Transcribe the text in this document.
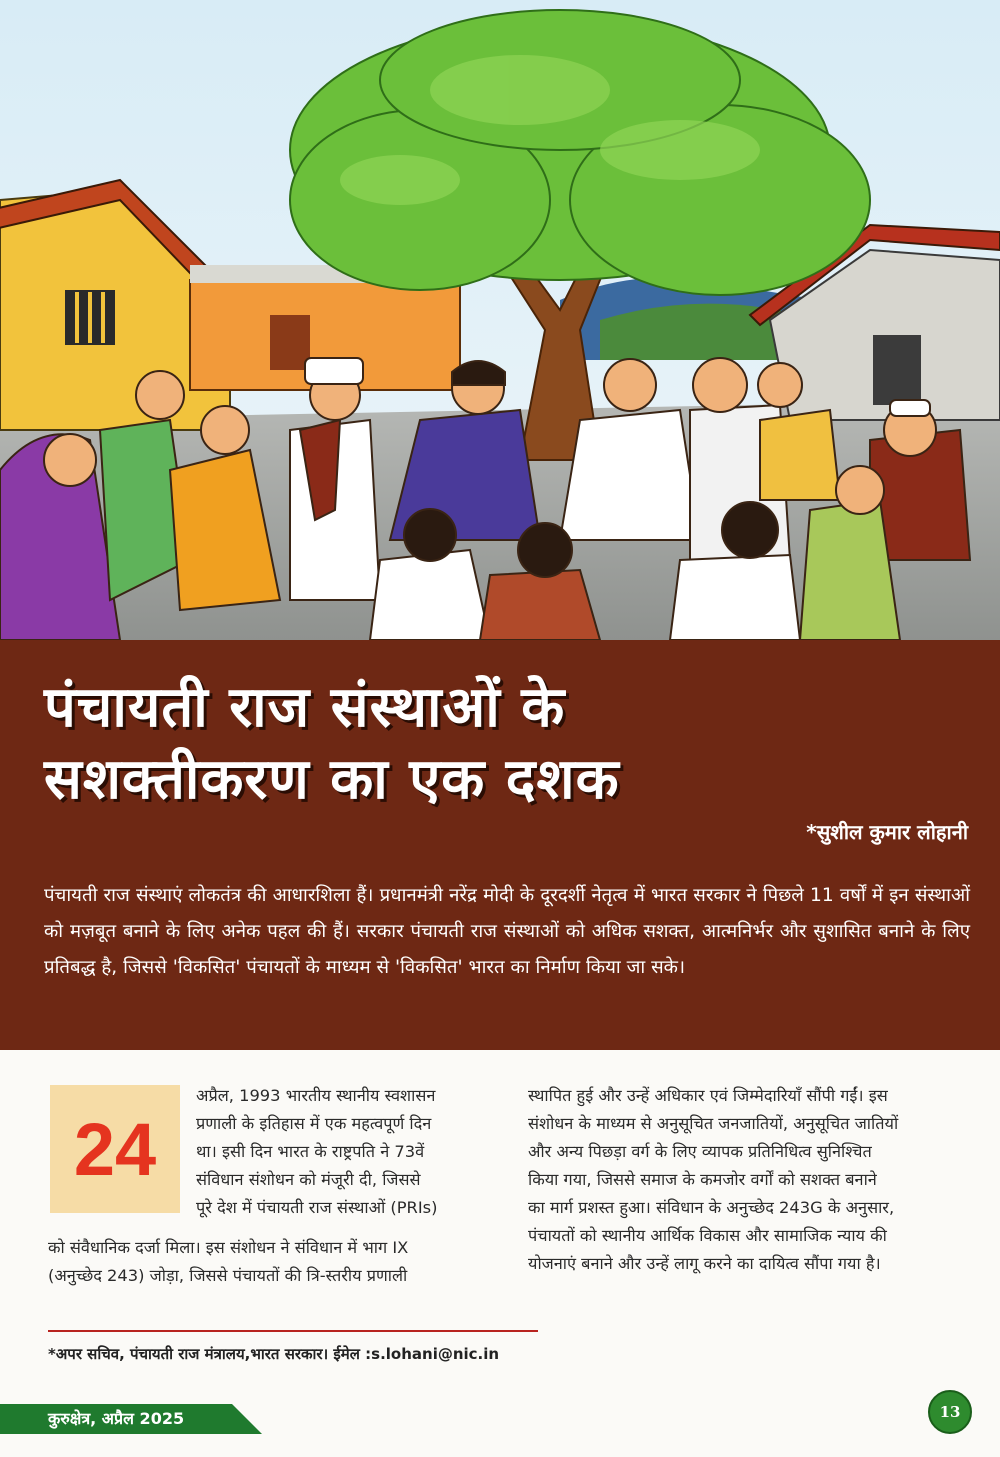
पंचायती राज संस्थाओं के
सशक्तीकरण का एक दशक
*सुशील कुमार लोहानी

पंचायती राज संस्थाएं लोकतंत्र की आधारशिला हैं। प्रधानमंत्री नरेंद्र मोदी के दूरदर्शी नेतृत्व में भारत सरकार ने पिछले 11 वर्षों में इन संस्थाओं को मज़बूत बनाने के लिए अनेक पहल की हैं। सरकार पंचायती राज संस्थाओं को अधिक सशक्त, आत्मनिर्भर और सुशासित बनाने के लिए प्रतिबद्ध है, जिससे 'विकसित' पंचायतों के माध्यम से 'विकसित' भारत का निर्माण किया जा सके।

24
अप्रैल, 1993 भारतीय स्थानीय स्वशासन
प्रणाली के इतिहास में एक महत्वपूर्ण दिन
था। इसी दिन भारत के राष्ट्रपति ने 73वें
संविधान संशोधन को मंजूरी दी, जिससे
पूरे देश में पंचायती राज संस्थाओं (PRIs)
को संवैधानिक दर्जा मिला। इस संशोधन ने संविधान में भाग IX
(अनुच्छेद 243) जोड़ा, जिससे पंचायतों की त्रि-स्तरीय प्रणाली
स्थापित हुई और उन्हें अधिकार एवं जिम्मेदारियाँ सौंपी गईं। इस
संशोधन के माध्यम से अनुसूचित जनजातियों, अनुसूचित जातियों
और अन्य पिछड़ा वर्ग के लिए व्यापक प्रतिनिधित्व सुनिश्चित
किया गया, जिससे समाज के कमजोर वर्गों को सशक्त बनाने
का मार्ग प्रशस्त हुआ। संविधान के अनुच्छेद 243G के अनुसार,
पंचायतों को स्थानीय आर्थिक विकास और सामाजिक न्याय की
योजनाएं बनाने और उन्हें लागू करने का दायित्व सौंपा गया है।
*अपर सचिव, पंचायती राज मंत्रालय,भारत सरकार। ईमेल :s.lohani@nic.in
कुरुक्षेत्र, अप्रैल 2025	13
